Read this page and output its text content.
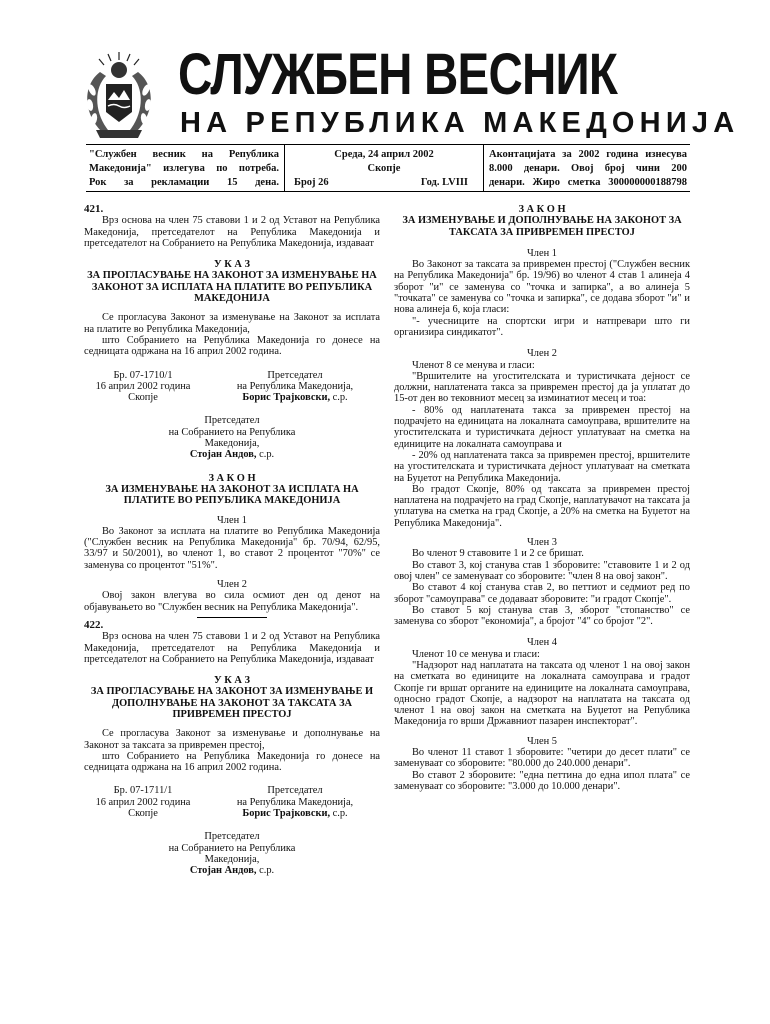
СЛУЖБЕН ВЕСНИК
НА РЕПУБЛИКА МАКЕДОНИЈА
"Службен весник на Република
Македонија" излегува по потреба.
Рок за рекламации 15 дена.
Среда, 24 април 2002
Скопје
Број 26	Год. LVIII
Аконтацијата за 2002 година изнесува
8.000 денари. Овој број чини 200
денари. Жиро сметка 300000000188798

421.

Врз основа на член 75 ставови 1 и 2 од Уставот на Република Македонија, претседателот на Република Македонија и претседателот на Собранието на Република Македонија, издаваат

У К А З

ЗА ПРОГЛАСУВАЊЕ НА ЗАКОНОТ ЗА ИЗМЕНУВАЊЕ НА ЗАКОНОТ ЗА ИСПЛАТА НА ПЛАТИТЕ ВО РЕПУБЛИКА МАКЕДОНИЈА

Се прогласува Законот за изменување на Законот за исплата на платите во Република Македонија,

што Собранието на Република Македонија го донесе на седницата одржана на 16 април 2002 година.

Бр. 07-1710/1
16 април 2002 година
Скопје
Претседател
на Република Македонија,
Борис Трајковски, с.р.
Претседател
на Собранието на Република
Македонија,
Стојан Андов, с.р.

З А К О Н

ЗА ИЗМЕНУВАЊЕ НА ЗАКОНОТ ЗА ИСПЛАТА НА ПЛАТИТЕ ВО РЕПУБЛИКА МАКЕДОНИЈА

Член 1

Во Законот за исплата на платите во Република Македонија ("Службен весник на Република Македонија" бр. 70/94, 62/95, 33/97 и 50/2001), во членот 1, во ставот 2 процентот "70%" се заменува со процентот "51%".

Член 2

Овој закон влегува во сила осмиот ден од денот на објавувањето во "Службен весник на Република Македонија".

422.

Врз основа на член 75 ставови 1 и 2 од Уставот на Република Македонија, претседателот на Република Македонија и претседателот на Собранието на Република Македонија, издаваат

У К А З

ЗА ПРОГЛАСУВАЊЕ НА ЗАКОНОТ ЗА ИЗМЕНУВАЊЕ И ДОПОЛНУВАЊЕ НА ЗАКОНОТ ЗА ТАКСАТА ЗА ПРИВРЕМЕН ПРЕСТОЈ

Се прогласува Законот за изменување и дополнување на Законот за таксата за привремен престој,

што Собранието на Република Македонија го донесе на седницата одржана на 16 април 2002 година.

Бр. 07-1711/1
16 април 2002 година
Скопје
Претседател
на Република Македонија,
Борис Трајковски, с.р.
Претседател
на Собранието на Република
Македонија,
Стојан Андов, с.р.

З А К О Н

ЗА ИЗМЕНУВАЊЕ И ДОПОЛНУВАЊЕ НА ЗАКОНОТ ЗА ТАКСАТА ЗА ПРИВРЕМЕН ПРЕСТОЈ

Член 1

Во Законот за таксата за привремен престој ("Службен весник на Република Македонија" бр. 19/96) во членот 4 став 1 алинеја 4 зборот "и" се заменува со "точка и запирка", а во алинеја 5 "точката" се заменува со "точка и запирка", се додава зборот "и" и нова алинеја 6, која гласи:

"- учесниците на спортски игри и натпревари што ги организира синдикатот".

Член 2

Членот 8 се менува и гласи:

"Вршителите на угостителската и туристичката дејност се должни, наплатената такса за привремен престој да ја уплатат до 15-от ден во тековниот месец за изминатиот месец и тоа:

- 80% од наплатената такса за привремен престој на подрачјето на единицата на локалната самоуправа, вршителите на угостителската и туристичката дејност уплатуваат на сметка на единиците на локалната самоуправа и

- 20% од наплатената такса за привремен престој, вршителите на угостителската и туристичката дејност уплатуваат на сметката на Буџетот на Република Македонија.

Во градот Скопје, 80% од таксата за привремен престој наплатена на подрачјето на град Скопје, наплатувачот на таксата ја уплатува на сметка на град Скопје, а 20% на сметка на Буџетот на Република Македонија".

Член 3

Во членот 9 ставовите 1 и 2 се бришат.

Во ставот 3, кој станува став 1 зборовите: "ставовите 1 и 2 од овој член" се заменуваат со зборовите: "член 8 на овој закон".

Во ставот 4 кој станува став 2, во петтиот и седмиот ред по зборот "самоуправа" се додаваат зборовите: "и градот Скопје".

Во ставот 5 кој станува став 3, зборот "стопанство" се заменува со зборот "економија", а бројот "4" со бројот "2".

Член 4

Членот 10 се менува и гласи:

"Надзорот над наплатата на таксата од членот 1 на овој закон на сметката во единиците на локалната самоуправа и градот Скопје ги вршат органите на единиците на локалната самоуправа, односно градот Скопје, а надзорот на наплатата на таксата од членот 1 на овој закон на сметката на Буџетот на Република Македонија го врши Државниот пазарен инспекторат".

Член 5

Во членот 11 ставот 1 зборовите: "четири до десет плати" се заменуваат со зборовите: "80.000 до 240.000 денари".

Во ставот 2 зборовите: "една петтина до една ипол плата" се заменуваат со зборовите: "3.000 до 10.000 денари".
